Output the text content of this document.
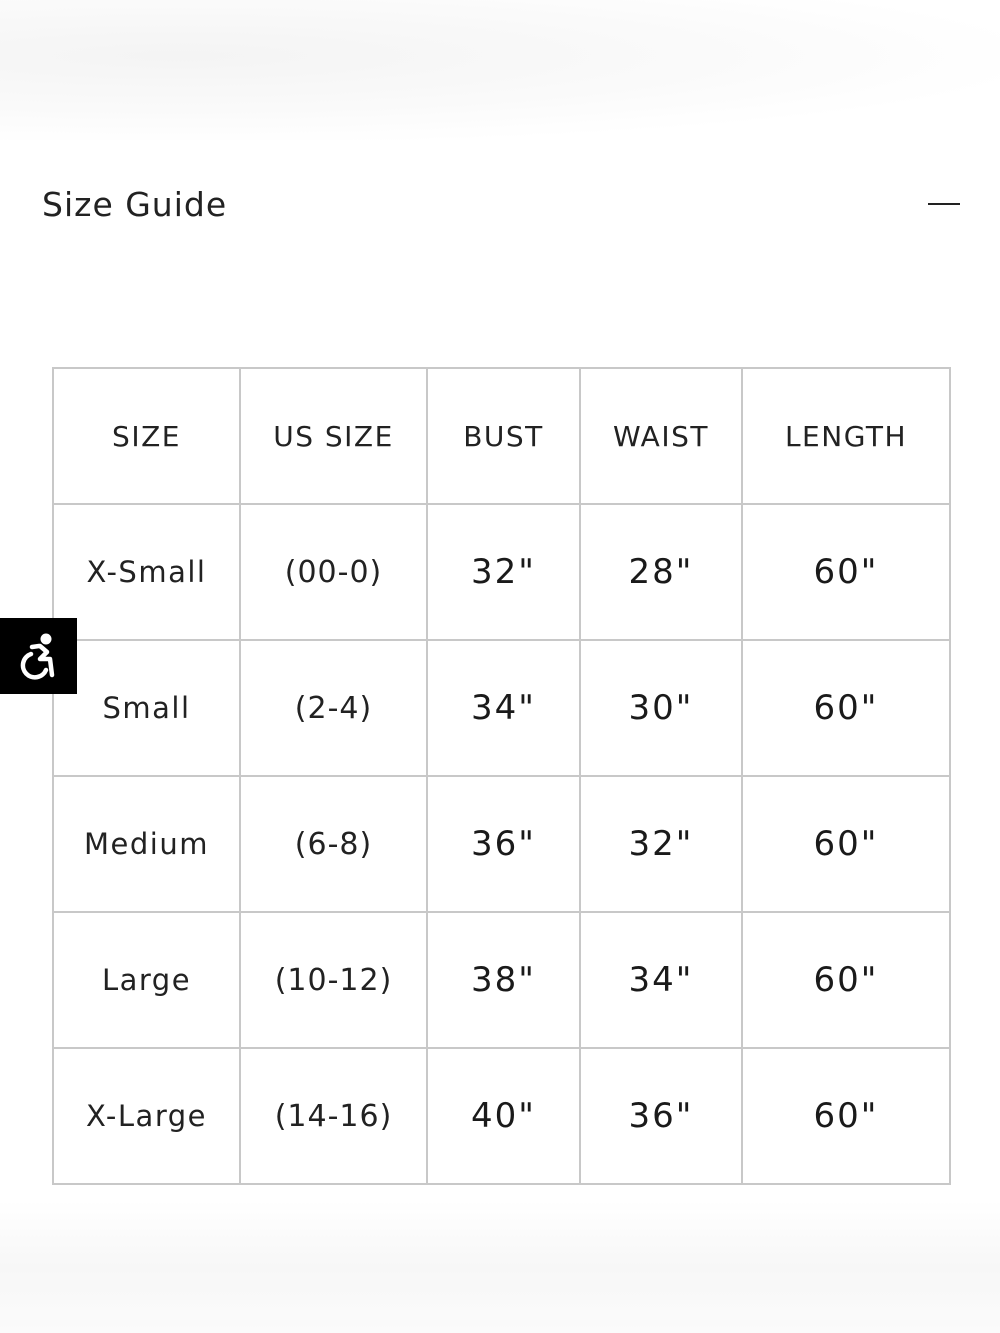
Size Guide
SIZE	US SIZE	BUST	WAIST	LENGTH
X-Small	(00-0)	32"	28"	60"
Small	(2-4)	34"	30"	60"
Medium	(6-8)	36"	32"	60"
Large	(10-12)	38"	34"	60"
X-Large	(14-16)	40"	36"	60"
